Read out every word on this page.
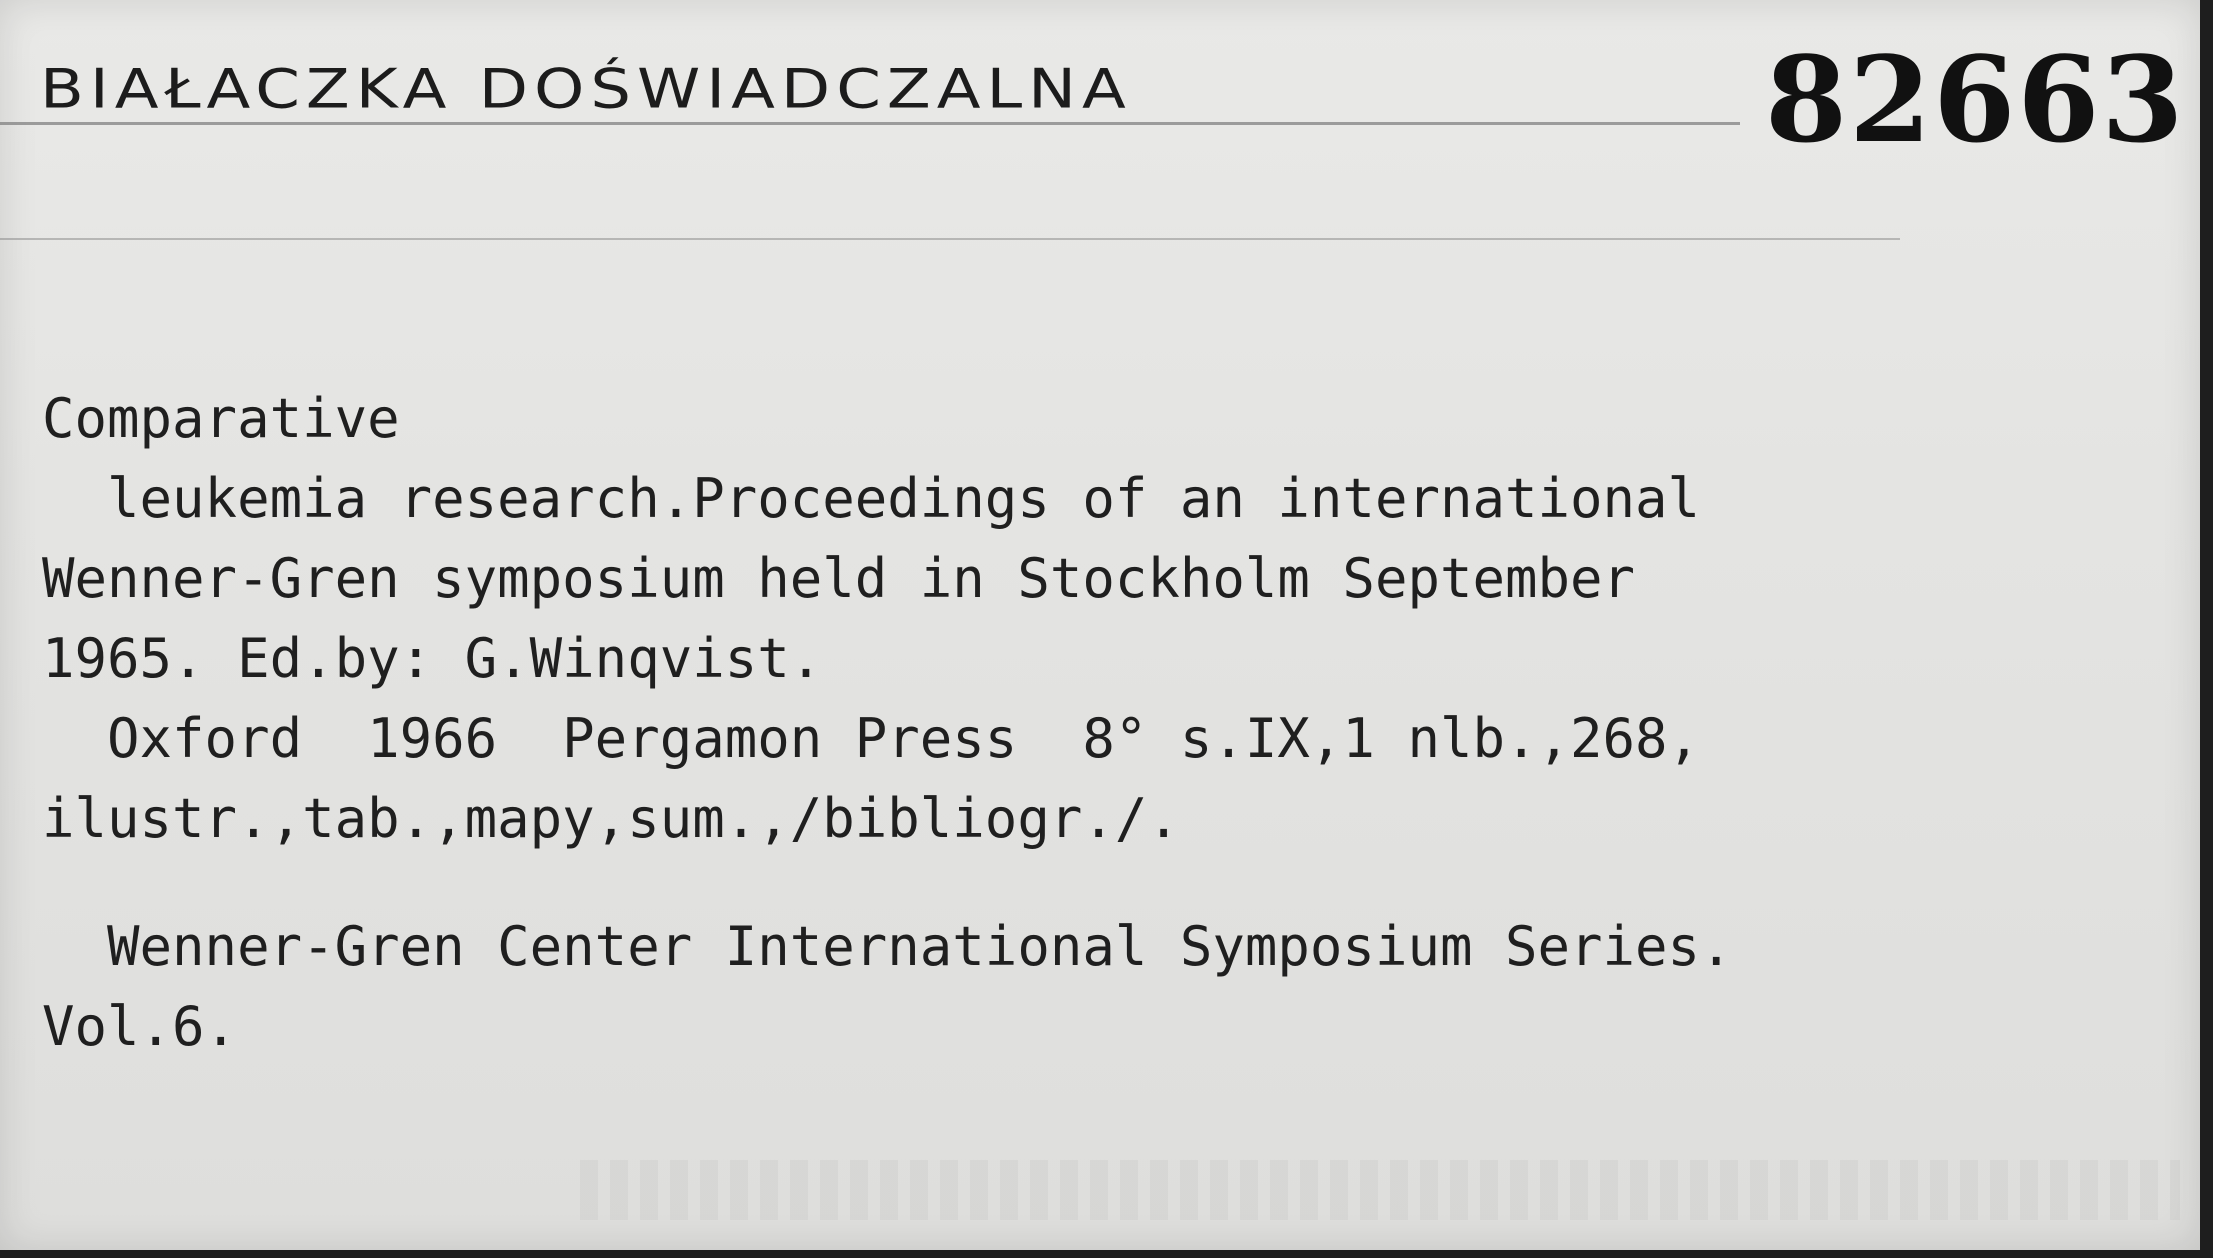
BIAŁACZKA DOŚWIADCZALNA	82663
Comparative
leukemia research.Proceedings of an international
Wenner-Gren symposium held in Stockholm September
1965. Ed.by: G.Winqvist.
Oxford  1966  Pergamon Press  8° s.IX,1 nlb.,268,
ilustr.,tab.,mapy,sum.,/bibliogr./.
Wenner-Gren Center International Symposium Series.
Vol.6.
